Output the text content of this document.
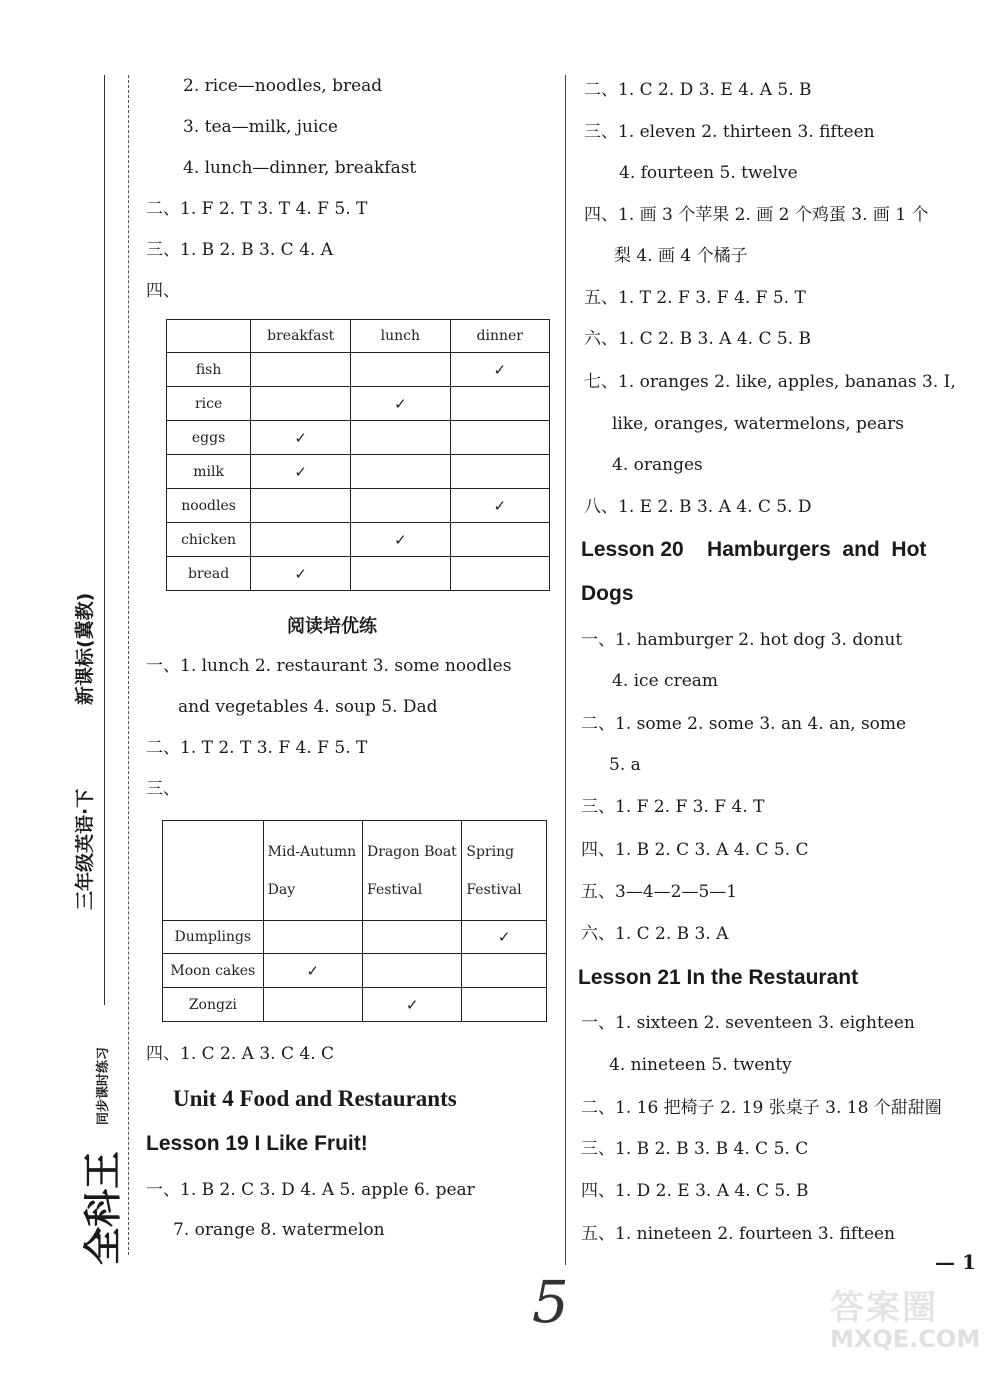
三年级英语·下
新课标(冀教)
全科王
同步课时练习
2. rice—noodles, bread
3. tea—milk, juice
4. lunch—dinner, breakfast
二、1. F 2. T 3. T 4. F 5. T
三、1. B 2. B 3. C 4. A
四、
	breakfast	lunch	dinner
fish			✓
rice		✓	
eggs	✓		
milk	✓		
noodles			✓
chicken		✓	
bread	✓		
阅读培优练
一、1. lunch 2. restaurant 3. some noodles
and vegetables 4. soup 5. Dad
二、1. T 2. T 3. F 4. F 5. T
三、
	Mid-Autumn Day	Dragon Boat Festival	Spring Festival
Dumplings			✓
Moon cakes	✓		
Zongzi		✓	
四、1. C 2. A 3. C 4. C
Unit 4 Food and Restaurants
Lesson 19 I Like Fruit!
一、1. B 2. C 3. D 4. A 5. apple 6. pear
7. orange 8. watermelon
二、1. C 2. D 3. E 4. A 5. B
三、1. eleven 2. thirteen 3. fifteen
4. fourteen 5. twelve
四、1. 画 3 个苹果 2. 画 2 个鸡蛋 3. 画 1 个
梨 4. 画 4 个橘子
五、1. T 2. F 3. F 4. F 5. T
六、1. C 2. B 3. A 4. C 5. B
七、1. oranges 2. like, apples, bananas 3. I,
like, oranges, watermelons, pears
4. oranges
八、1. E 2. B 3. A 4. C 5. D
Lesson 20    Hamburgers  and  Hot
Dogs
一、1. hamburger 2. hot dog 3. donut
4. ice cream
二、1. some 2. some 3. an 4. an, some
5. a
三、1. F 2. F 3. F 4. T
四、1. B 2. C 3. A 4. C 5. C
五、3—4—2—5—1
六、1. C 2. B 3. A
Lesson 21 In the Restaurant
一、1. sixteen 2. seventeen 3. eighteen
4. nineteen 5. twenty
二、1. 16 把椅子 2. 19 张桌子 3. 18 个甜甜圈
三、1. B 2. B 3. B 4. C 5. C
四、1. D 2. E 3. A 4. C 5. B
五、1. nineteen 2. fourteen 3. fifteen
— 1
5	答案圈
MXQE.COM
